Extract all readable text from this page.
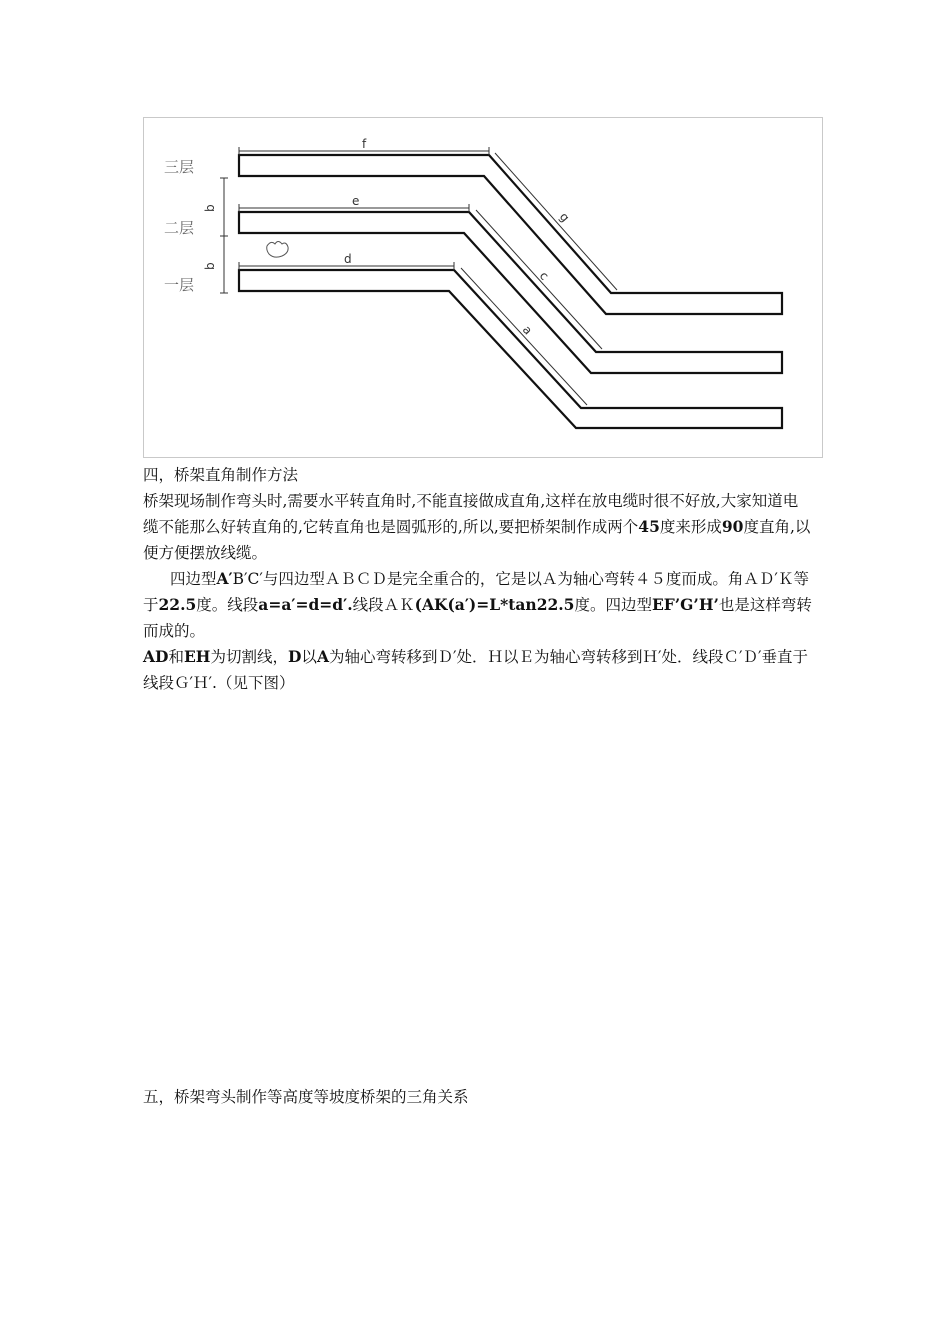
f
e
d
g
c
a
b
b
三层
二层
一层

四，桥架直角制作方法

桥架现场制作弯头时,需要水平转直角时,不能直接做成直角,这样在放电缆时很不好放,大家知道电缆不能那么好转直角的,它转直角也是圆弧形的,所以,要把桥架制作成两个45度来形成90度直角,以便方便摆放线缆。

四边型A′B′C′与四边型ＡＢＣＤ是完全重合的，它是以Ａ为轴心弯转４５度而成。角ＡＤ′Ｋ等于22.5度。线段a=a′=d=d′.线段ＡＫ(AK(a′)=L*tan22.5度。四边型EF’G’H’也是这样弯转而成的。

AD和EH为切割线，D以A为轴心弯转移到Ｄ′处．Ｈ以Ｅ为轴心弯转移到Ｈ′处．线段Ｃ′Ｄ′垂直于线段Ｇ′Ｈ′.（见下图）

五，桥架弯头制作等高度等坡度桥架的三角关系
